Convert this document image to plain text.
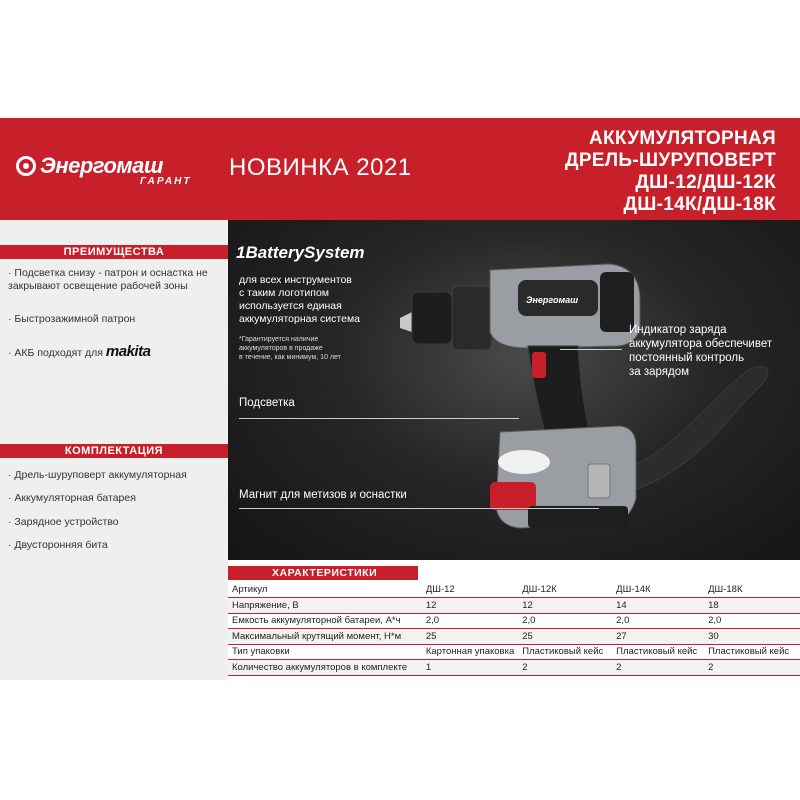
Энергомаш
ГАРАНТ
НОВИНКА 2021
АККУМУЛЯТОРНАЯ
ДРЕЛЬ-ШУРУПОВЕРТ
ДШ-12/ДШ-12К
ДШ-14К/ДШ-18К
ПРЕИМУЩЕСТВА
· Подсветка снизу - патрон и оснастка не закрывают освещение рабочей зоны
· Быстрозажимной патрон
· АКБ подходят для makita
КОМПЛЕКТАЦИЯ
· Дрель-шуруповерт аккумуляторная
· Аккумуляторная батарея
· Зарядное устройство
· Двусторонняя бита
Энергомаш
1BatterySystem
для всех инструментов
с таким логотипом
используется единая
аккумуляторная система
*Гарантируется наличие
аккумуляторов в продаже
в течение, как минимум, 10 лет
Индикатор заряда
аккумулятора обеспечивет
постоянный контроль
за зарядом
Подсветка
Магнит для метизов и оснастки
ХАРАКТЕРИСТИКИ
Артикул	ДШ-12	ДШ-12К	ДШ-14К	ДШ-18К
Напряжение, В	12	12	14	18
Емкость аккумуляторной батареи, А*ч	2,0	2,0	2,0	2,0
Максимальный крутящий момент, Н*м	25	25	27	30
Тип упаковки	Картонная упаковка	Пластиковый кейс	Пластиковый кейс	Пластиковый кейс
Количество аккумуляторов в комплекте	1	2	2	2
